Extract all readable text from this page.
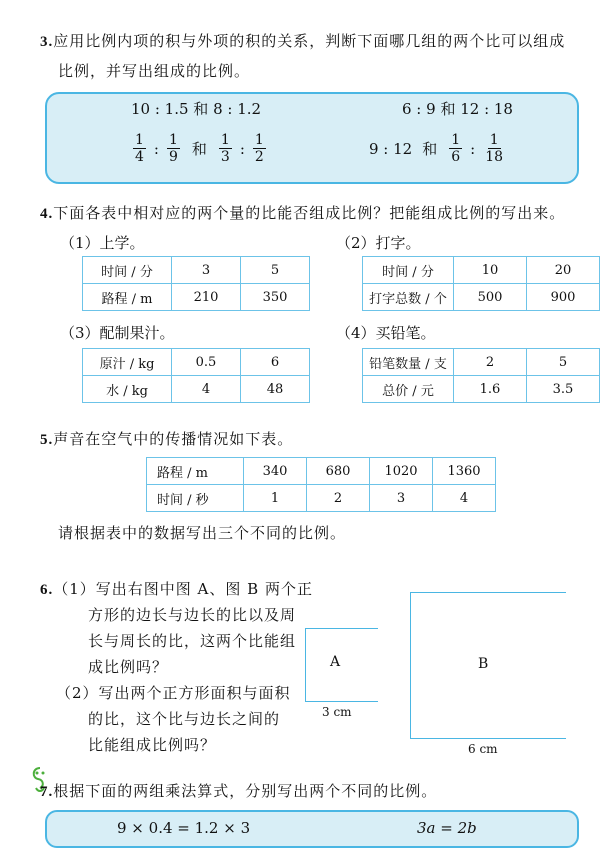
3.应用比例内项的积与外项的积的关系，判断下面哪几组的两个比可以组成
比例，并写出组成的比例。
10 : 1.5 和 8 : 1.2	6 : 9 和 12 : 18
$\frac{1}{4}$ : $\frac{1}{9}$ 和 $\frac{1}{3}$ : $\frac{1}{2}$	9 : 12 和 $\frac{1}{6}$ : $\frac{1}{18}$
4.下面各表中相对应的两个量的比能否组成比例？把能组成比例的写出来。
（1）上学。
时间 / 分	3	5
路程 / m	210	350
（2）打字。
时间 / 分	10	20
打字总数 / 个	500	900
（3）配制果汁。
原汁 / kg	0.5	6
水 / kg	4	48
（4）买铅笔。
铅笔数量 / 支	2	5
总价 / 元	1.6	3.5
5.声音在空气中的传播情况如下表。
路程 / m	340	680	1020	1360
时间 / 秒	1	2	3	4
请根据表中的数据写出三个不同的比例。
6.（1）写出右图中图 A、图 B 两个正
方形的边长与边长的比以及周
长与周长的比，这两个比能组
成比例吗？
（2）写出两个正方形面积与面积
的比，这个比与边长之间的
比能组成比例吗？
A
3 cm
B
6 cm
7.根据下面的两组乘法算式，分别写出两个不同的比例。
9 × 0.4 = 1.2 × 3	3a = 2b
